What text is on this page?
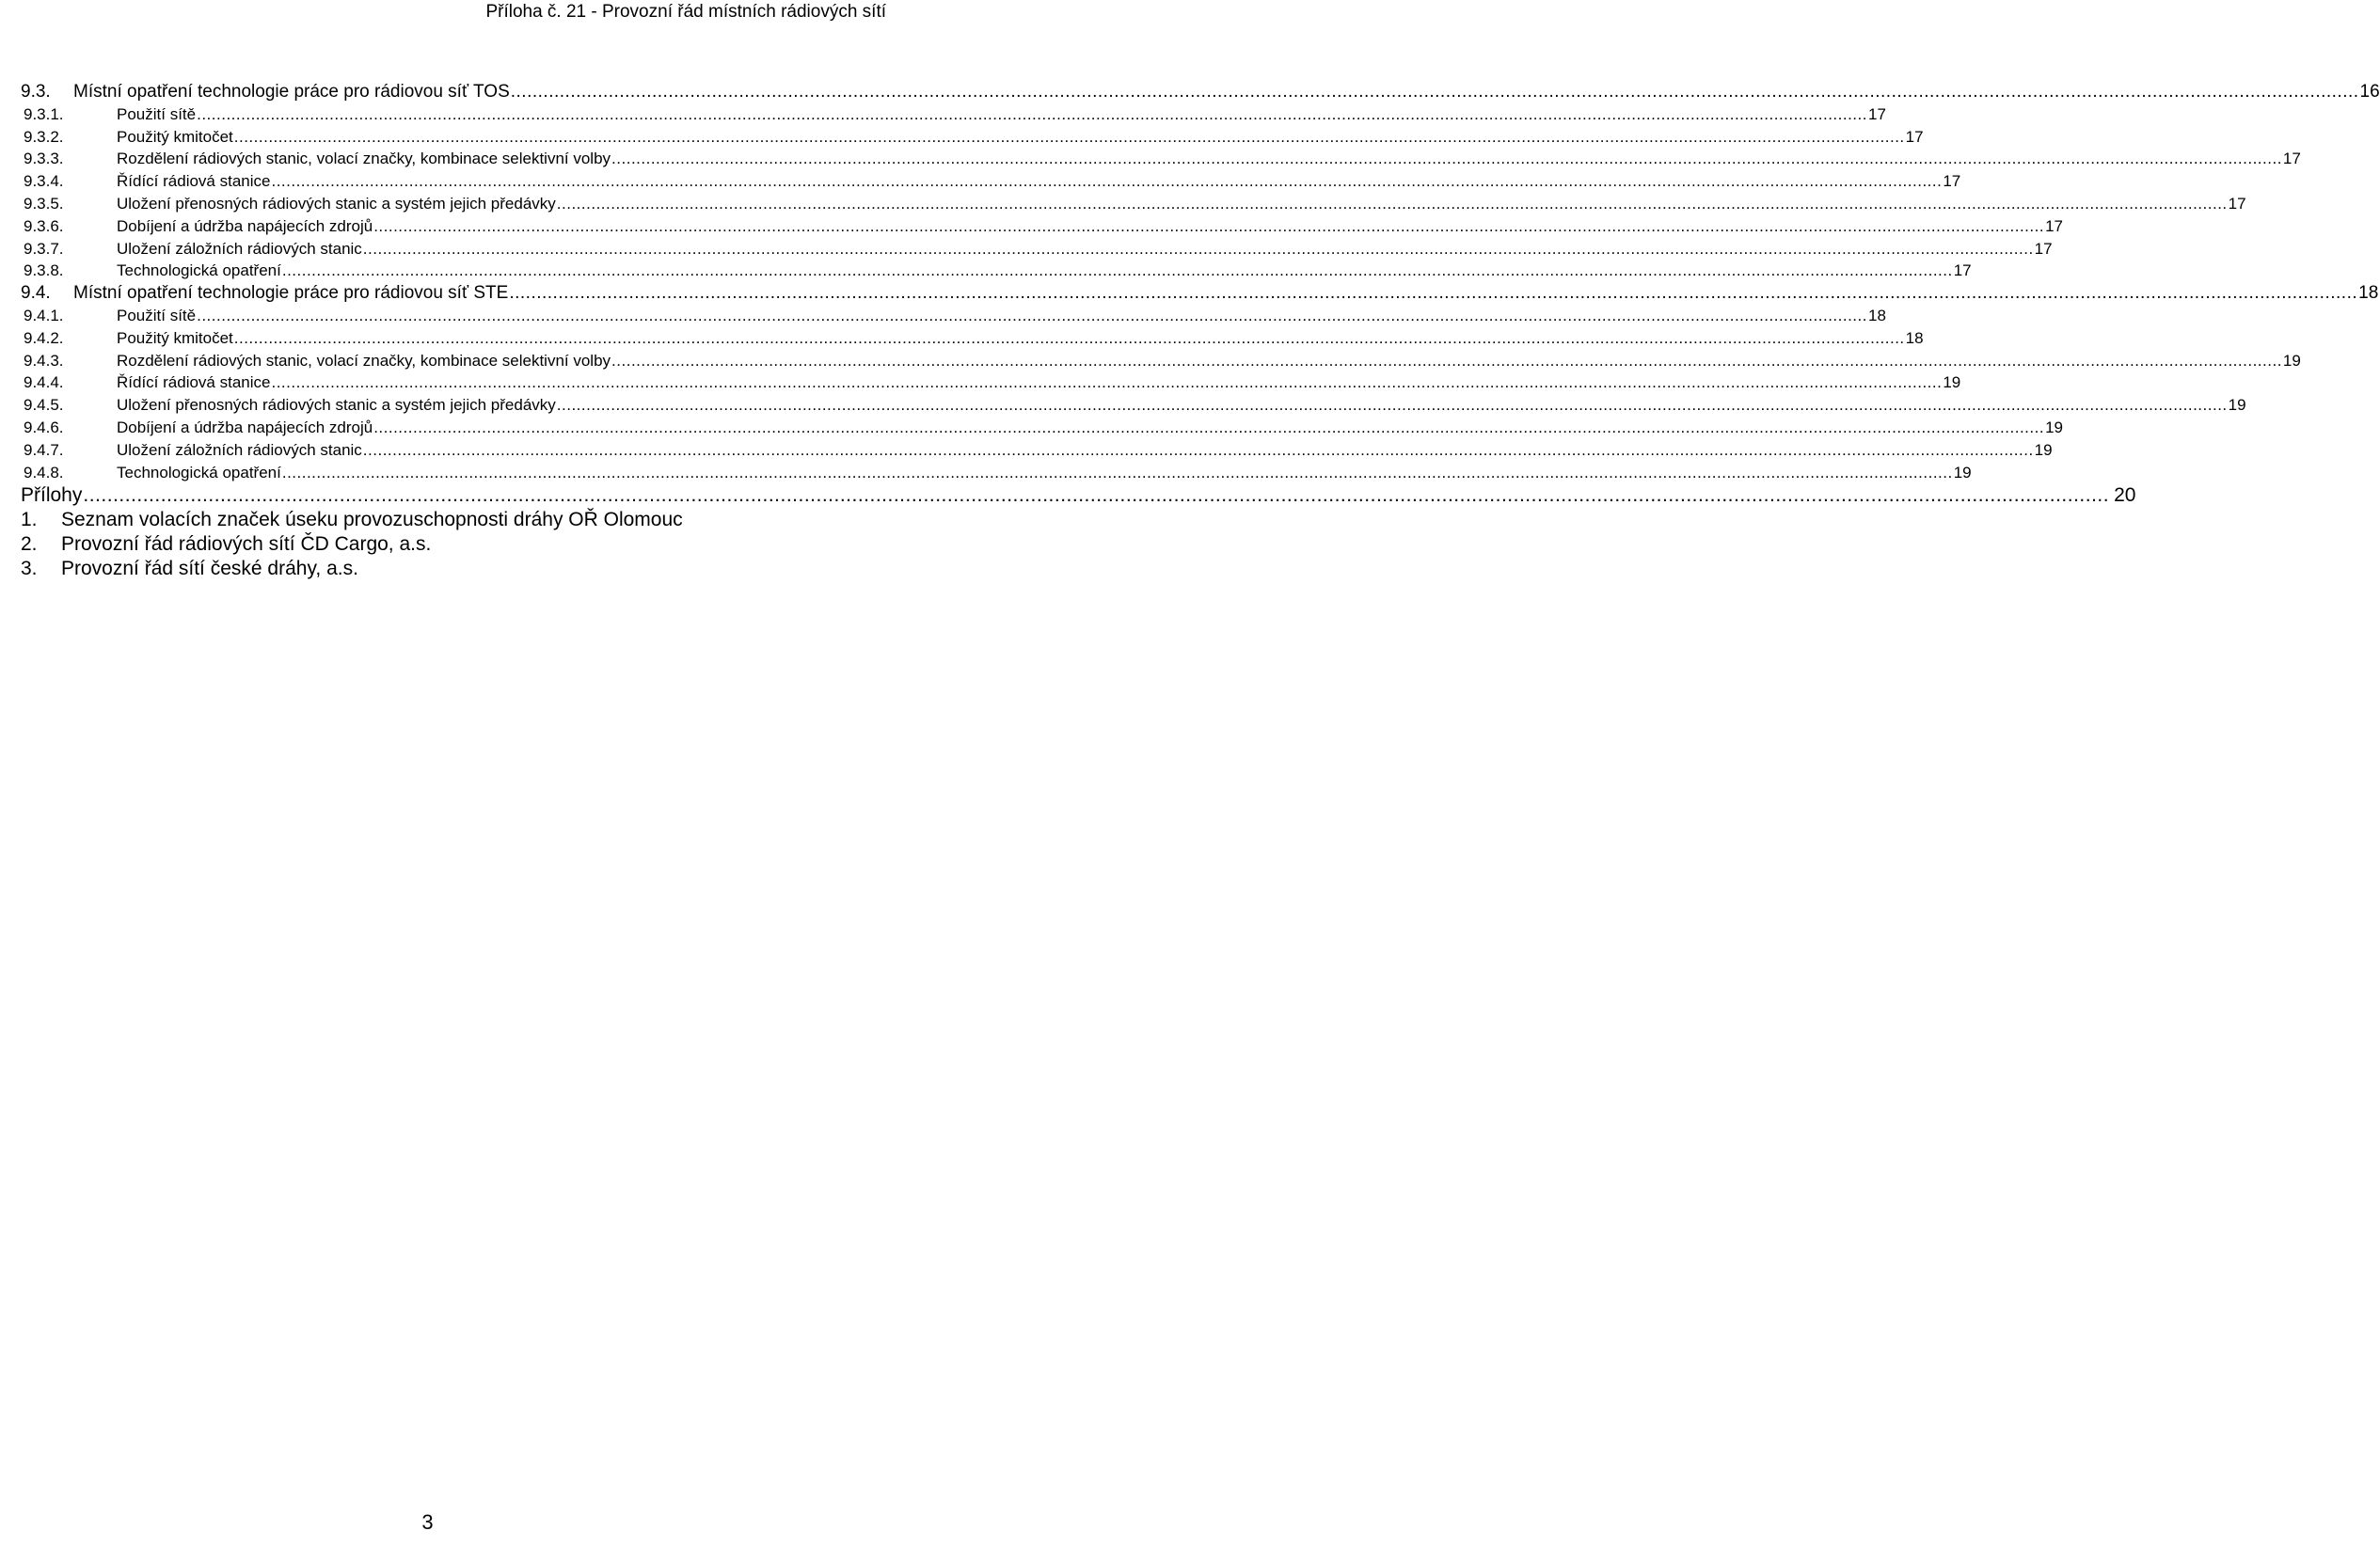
Příloha č. 21 - Provozní řád místních rádiových sítí
9.3.	Místní opatření technologie práce pro rádiovou síť TOS .................................................................................................................................................................................................................................................................................................................................................... 16
9.3.1.	Použití sítě .................................................................................................................................................................................................................................................................................................................................................... 17
9.3.2.	Použitý kmitočet .................................................................................................................................................................................................................................................................................................................................................... 17
9.3.3.	Rozdělení rádiových stanic, volací značky, kombinace selektivní volby .................................................................................................................................................................................................................................................................................................................................................... 17
9.3.4.	Řídící rádiová stanice .................................................................................................................................................................................................................................................................................................................................................... 17
9.3.5.	Uložení přenosných rádiových stanic a systém jejich předávky .................................................................................................................................................................................................................................................................................................................................................... 17
9.3.6.	Dobíjení a údržba napájecích zdrojů .................................................................................................................................................................................................................................................................................................................................................... 17
9.3.7.	Uložení záložních rádiových stanic .................................................................................................................................................................................................................................................................................................................................................... 17
9.3.8.	Technologická opatření .................................................................................................................................................................................................................................................................................................................................................... 17
9.4.	Místní opatření technologie práce pro rádiovou síť STE .................................................................................................................................................................................................................................................................................................................................................... 18
9.4.1.	Použití sítě .................................................................................................................................................................................................................................................................................................................................................... 18
9.4.2.	Použitý kmitočet .................................................................................................................................................................................................................................................................................................................................................... 18
9.4.3.	Rozdělení rádiových stanic, volací značky, kombinace selektivní volby .................................................................................................................................................................................................................................................................................................................................................... 19
9.4.4.	Řídící rádiová stanice .................................................................................................................................................................................................................................................................................................................................................... 19
9.4.5.	Uložení přenosných rádiových stanic a systém jejich předávky .................................................................................................................................................................................................................................................................................................................................................... 19
9.4.6.	Dobíjení a údržba napájecích zdrojů .................................................................................................................................................................................................................................................................................................................................................... 19
9.4.7.	Uložení záložních rádiových stanic .................................................................................................................................................................................................................................................................................................................................................... 19
9.4.8.	Technologická opatření .................................................................................................................................................................................................................................................................................................................................................... 19
Přílohy .................................................................................................................................................................................................................................................................................................................................................... 20
1.	Seznam volacích značek úseku provozuschopnosti dráhy OŘ Olomouc
2.	Provozní řád rádiových sítí ČD Cargo, a.s.
3.	Provozní řád sítí české dráhy, a.s.
3
